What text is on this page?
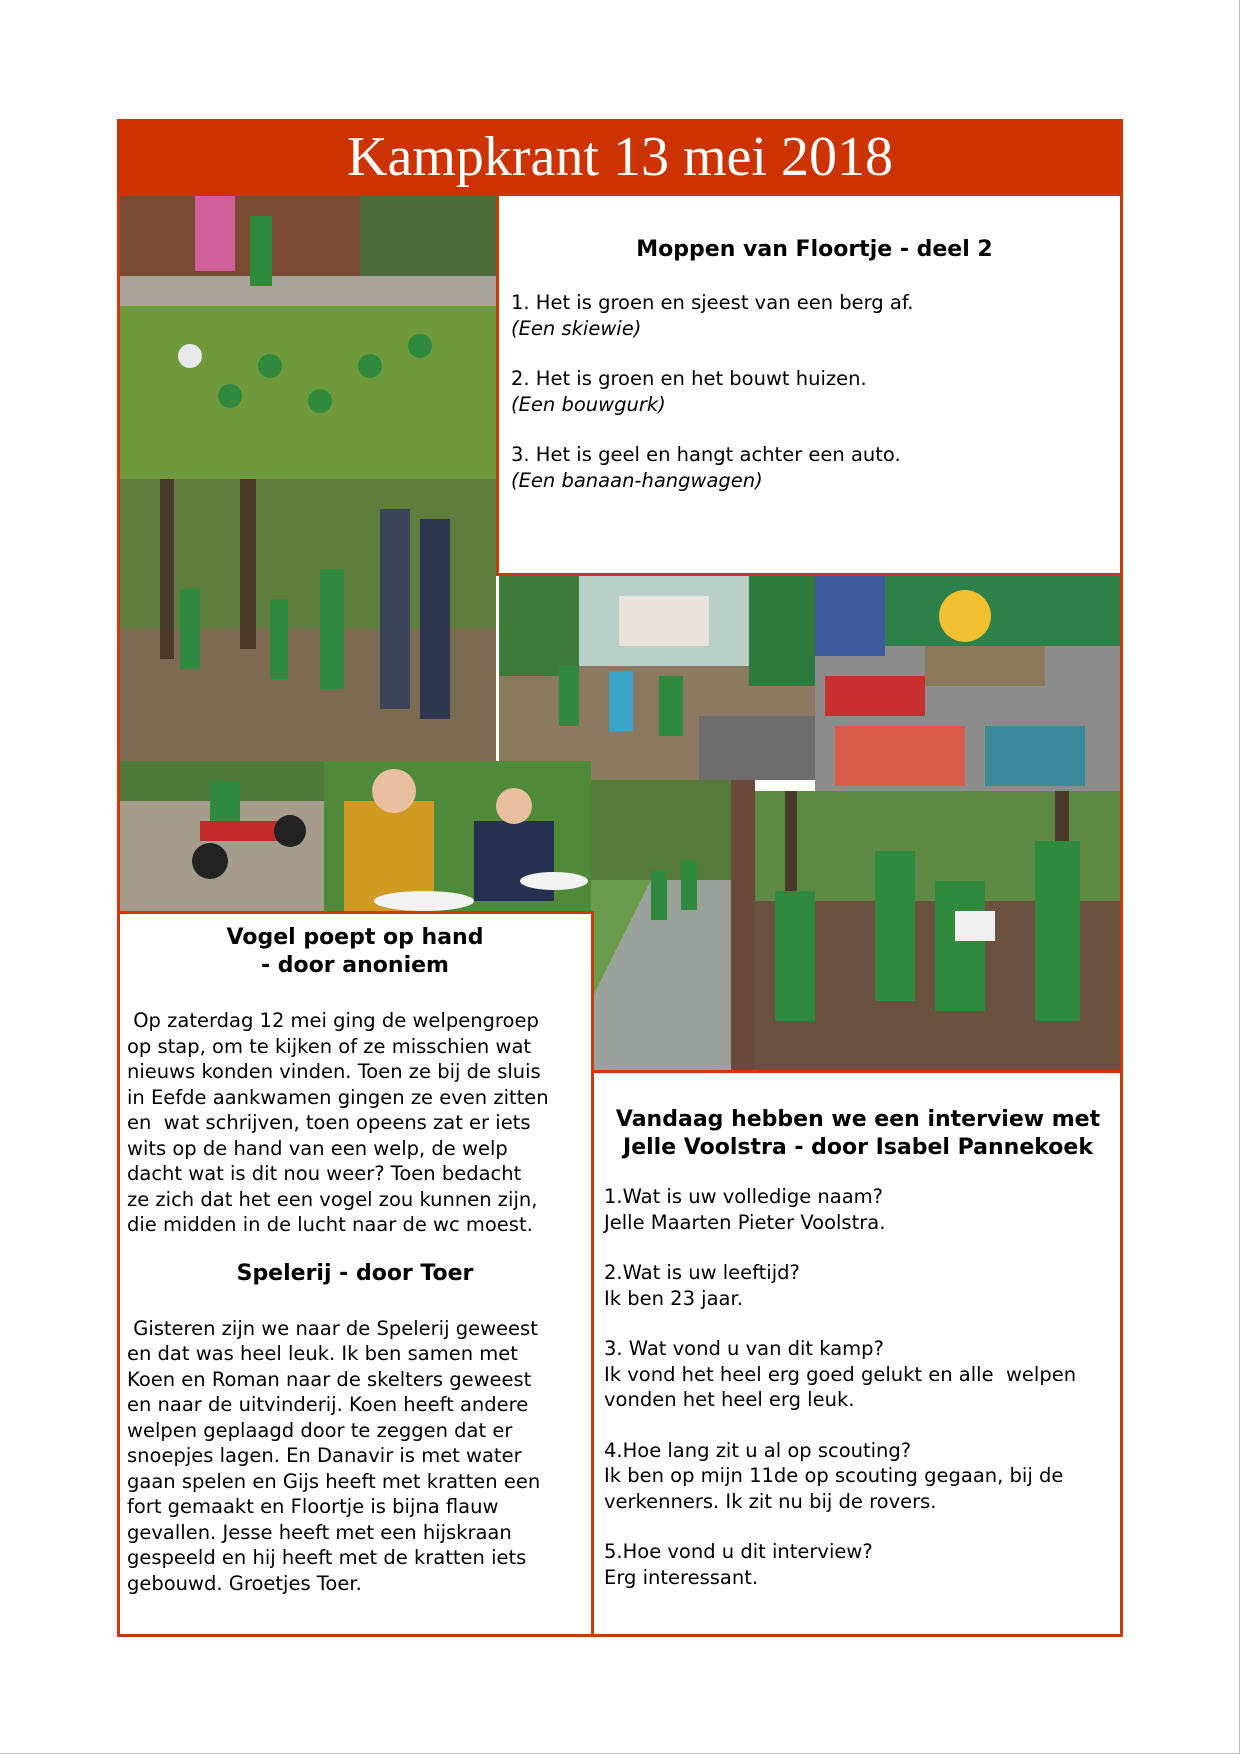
Kampkrant 13 mei 2018
Moppen van Floortje - deel 2
1. Het is groen en sjeest van een berg af.
(Een skiewie)
2. Het is groen en het bouwt huizen.
(Een bouwgurk)
3. Het is geel en hangt achter een auto.
(Een banaan-hangwagen)
Vogel poept op hand
- door anoniem
Op zaterdag 12 mei ging de welpengroep
op stap, om te kijken of ze misschien wat
nieuws konden vinden. Toen ze bij de sluis
in Eefde aankwamen gingen ze even zitten
en  wat schrijven, toen opeens zat er iets
wits op de hand van een welp, de welp
dacht wat is dit nou weer? Toen bedacht
ze zich dat het een vogel zou kunnen zijn,
die midden in de lucht naar de wc moest.
Spelerij - door Toer
Gisteren zijn we naar de Spelerij geweest
en dat was heel leuk. Ik ben samen met
Koen en Roman naar de skelters geweest
en naar de uitvinderij. Koen heeft andere
welpen geplaagd door te zeggen dat er
snoepjes lagen. En Danavir is met water
gaan spelen en Gijs heeft met kratten een
fort gemaakt en Floortje is bijna flauw
gevallen. Jesse heeft met een hijskraan
gespeeld en hij heeft met de kratten iets
gebouwd. Groetjes Toer.
Vandaag hebben we een interview met
Jelle Voolstra - door Isabel Pannekoek
1.Wat is uw volledige naam?
Jelle Maarten Pieter Voolstra.
2.Wat is uw leeftijd?
Ik ben 23 jaar.
3. Wat vond u van dit kamp?
Ik vond het heel erg goed gelukt en alle  welpen
vonden het heel erg leuk.
4.Hoe lang zit u al op scouting?
Ik ben op mijn 11de op scouting gegaan, bij de
verkenners. Ik zit nu bij de rovers.
5.Hoe vond u dit interview?
Erg interessant.
